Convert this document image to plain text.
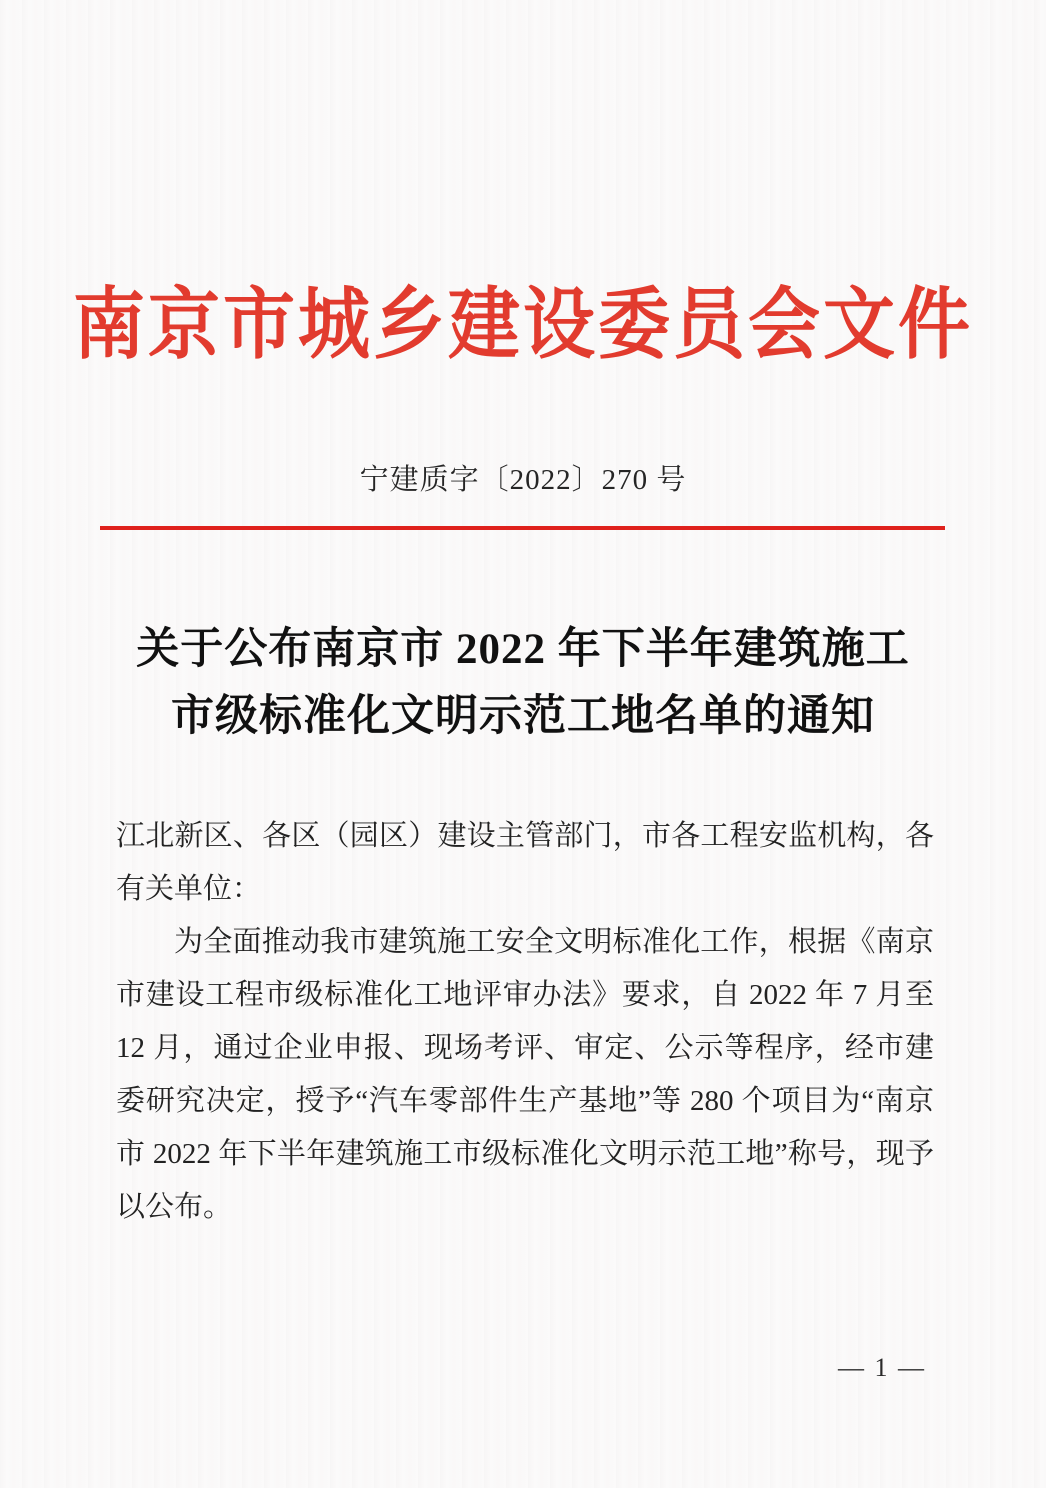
南京市城乡建设委员会文件
宁建质字〔2022〕270 号
关于公布南京市 2022 年下半年建筑施工
市级标准化文明示范工地名单的通知

江北新区、各区（园区）建设主管部门，市各工程安监机构，各有关单位：

为全面推动我市建筑施工安全文明标准化工作，根据《南京市建设工程市级标准化工地评审办法》要求，自 2022 年 7 月至 12 月，通过企业申报、现场考评、审定、公示等程序，经市建委研究决定，授予“汽车零部件生产基地”等 280 个项目为“南京市 2022 年下半年建筑施工市级标准化文明示范工地”称号，现予以公布。

— 1 —
